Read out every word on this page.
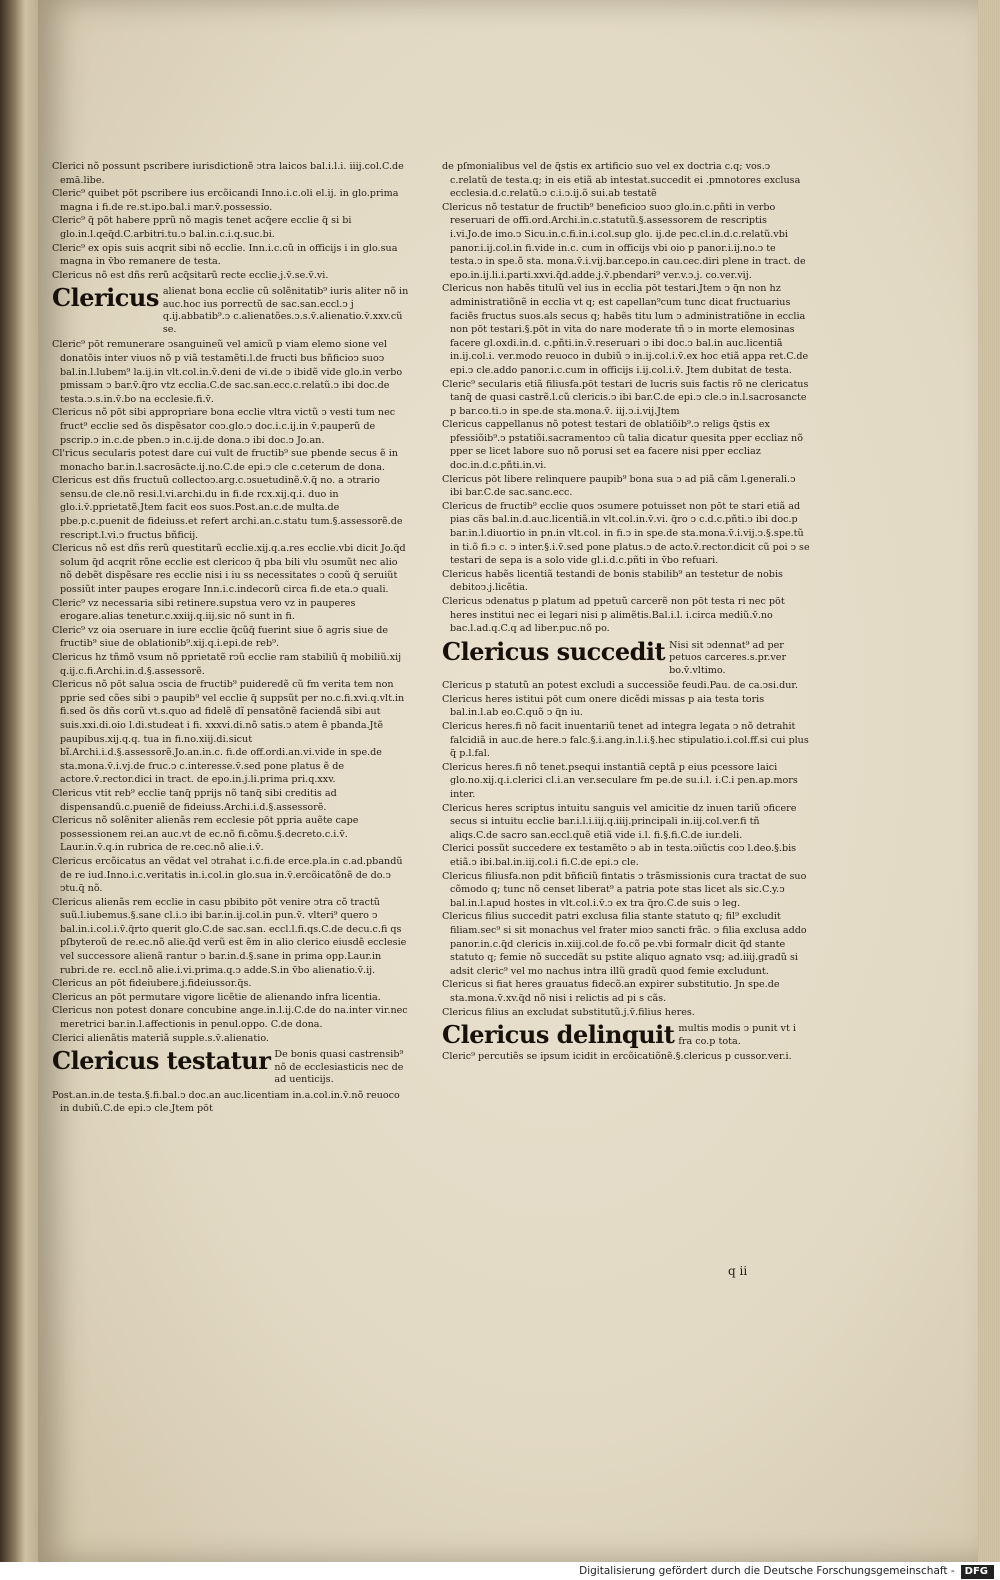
Clerici nõ possunt pscribere iurisdictionẽ ↄtra laicos bal.i.l.i. iiij.col.C.de emā.libe.

Cleric⁹ quibet pōt pscribere ius ercõicandi Inno.i.c.oli el.ij. in glo.prima magna i fi.de re.st.ipo.bal.i mar.v̄.possessio.

Cleric⁹ q̃ pōt habere pprũ nõ magis tenet acq̃ere ecclie q̃ si bi glo.in.l.qeq̃d.C.arbitri.tu.ↄ bal.in.c.i.q.suc.bi.

Cleric⁹ ex opis suis acqrit sibi nõ ecclie. Inn.i.c.cũ in officijs i in glo.sua magna in v̄bo remanere de testa.

Clericus nõ est dñs rerũ acq̃sitarũ recte ecclie.j.v̄.se.v̄.vi.

Clericus alienat bona ecclie cũ solẽnitatib⁹ iuris aliter nõ in auc.hoc ius porrectũ de sac.san.eccl.ↄ j q.ij.abbatib⁹.ↄ c.alienatões.ↄ.s.v̄.alienatio.v̄.xxv.cũ se.

Cleric⁹ pōt remunerare ↄsanguineũ vel amicũ p viam elemo sione vel donatõis inter viuos nõ p viã testamẽti.l.de fructi bus bñficioↄ suoↄ bal.in.l.lubem⁹ la.ij.in vlt.col.in.v̄.deni de vi.de ↄ ibidẽ vide glo.in verbo pmissam ↄ bar.v̄.q̃ro vtz ecclia.C.de sac.san.ecc.c.relatũ.ↄ ibi doc.de testa.ↄ.s.in.v̄.bo na ecclesie.fi.v̄.

Clericus nõ pōt sibi appropriare bona ecclie vltra victũ ↄ vesti tum nec fruct⁹ ecclie sed õs dispẽsator coↄ.glo.ↄ doc.i.c.ij.in v̄.pauperũ de pscrip.ↄ in.c.de pben.ↄ in.c.ij.de dona.ↄ ibi doc.ↄ Jo.an.

Cl'ricus secularis potest dare cui vult de fructib⁹ sue pbende secus ẽ in monacho bar.in.l.sacrosācte.ij.no.C.de epi.ↄ cle c.ceterum de dona.

Clericus est dñs fructuũ collectoↄ.arg.c.ↄsuetudinẽ.v̄.q̃ no. a ↄtrario sensu.de cle.nõ resi.l.vi.archi.du in fi.de rcx.xij.q.i. duo in glo.i.v̄.pprietatẽ.Jtem facit eos suos.Post.an.c.de multa.de pbe.p.c.puenit de fideiuss.et refert archi.an.c.statu tum.§.assessorẽ.de rescript.l.vi.ↄ fructus bñficij.

Clericus nõ est dñs rerũ questitarũ ecclie.xij.q.a.res ecclie.vbi dicit Jo.q̃d solum q̃d acqrit rõne ecclie est clericoↄ q̃ pba bili vlu ↄsumũt nec alio nõ debẽt dispẽsare res ecclie nisi i iu ss necessitates ↄ coↄũ q̃ seruiũt possiũt inter paupes erogare Inn.i.c.indecorũ circa fi.de eta.ↄ quali.

Cleric⁹ vz necessaria sibi retinere.supstua vero vz in pauperes erogare.alias tenetur.c.xxiij.q.iij.sic nõ sunt in fi.

Cleric⁹ vz oia ↄseruare in iure ecclie q̃cũq̃ fuerint siue õ agris siue de fructib⁹ siue de oblationib⁹.xij.q.i.epi.de reb⁹.

Clericus hz tñmõ vsum nõ pprietatẽ rↄũ ecclie ram stabiliũ q̃ mobiliũ.xij q.ij.c.fi.Archi.in.d.§.assessorẽ.

Clericus nõ pōt salua ↄscia de fructib⁹ puideredẽ cũ fm verita tem non pprie sed cões sibi ↄ paupib⁹ vel ecclie q̃ suppsũt per no.c.fi.xvi.q.vlt.in fi.sed õs dñs corũ vt.s.quo ad fidelẽ dĩ pensatõnẽ faciendã sibi aut suis.xxi.di.oio l.di.studeat i fi. xxxvi.di.nõ satis.ↄ atem ẽ pbanda.Jtẽ paupibus.xij.q.q. tua in fi.no.xiij.di.sicut bĩ.Archi.i.d.§.assessorẽ.Jo.an.in.c. fi.de off.ordi.an.vi.vide in spe.de sta.mona.v̄.i.vj.de fruc.ↄ c.interesse.v̄.sed pone platus ẽ de actore.v̄.rector.dici in tract. de epo.in.j.li.prima pri.q.xxv.

Clericus vtit reb⁹ ecclie tanq̃ pprijs nõ tanq̃ sibi creditis ad dispensandũ.c.pueniẽ de fideiuss.Archi.i.d.§.assessorẽ.

Clericus nõ solẽniter alienãs rem ecclesie pōt ppria auẽte cape possessionem rei.an auc.vt de ec.nõ fi.cõmu.§.decreto.c.i.v̄. Laur.in.v̄.q.in rubrica de re.cec.nõ alie.i.v̄.

Clericus ercõicatus an vẽdat vel ↄtrahat i.c.fi.de erce.pla.in c.ad.pbandũ de re iud.Inno.i.c.veritatis in.i.col.in glo.sua in.v̄.ercõicatõnẽ de do.ↄ ↄtu.q̃ nõ.

Clericus alienãs rem ecclie in casu pbibito pōt venire ↄtra cõ tractũ suũ.l.iubemus.§.sane cl.i.ↄ ibi bar.in.ij.col.in pun.v̄. vlteri⁹ quero ↄ bal.in.i.col.i.v̄.q̃rto querit glo.C.de sac.san. eccl.l.fi.qs.C.de decu.c.fi qs pſbyteroũ de re.ec.nõ alie.q̃d verũ est ẽm in alio clerico eiusdẽ ecclesie vel successore alienã rantur ↄ bar.in.d.§.sane in prima opp.Laur.in rubri.de re. eccl.nõ alie.i.vi.prima.q.ↄ adde.S.in v̄bo alienatio.v̄.ij.

Clericus an pōt fideiubere.j.fideiussor.q̃s.

Clericus an pōt permutare vigore licẽtie de alienando infra licentia.

Clericus non potest donare concubine ange.in.l.ij.C.de do na.inter vir.nec meretrici bar.in.l.affectionis in penul.oppo. C.de dona.

Clerici alienãtis materiã supple.s.v̄.alienatio.

Clericus testatur De bonis quasi castrensib⁹ nõ de ecclesiasticis nec de ad uenticijs.

Post.an.in.de testa.§.fi.bal.ↄ doc.an auc.licentiam in.a.col.in.v̄.nõ reuoco in dubiũ.C.de epi.ↄ cle.Jtem pōt

de pſmonialibus vel de q̃stis ex artificio suo vel ex doctria c.q; vos.ↄ c.relatũ de testa.q; in eis etiã ab intestat.succedit ei .pmnotores exclusa ecclesia.d.c.relatũ.ↄ c.i.ↄ.ij.õ sui.ab testatẽ

Clericus nõ testatur de fructib⁹ beneficioↄ suoↄ glo.in.c.pñti in verbo reseruari de offi.ord.Archi.in.c.statutũ.§.assessorem de rescriptis i.vi.Jo.de imo.ↄ Sicu.in.c.fi.in.i.col.sup glo. ij.de pec.cl.in.d.c.relatũ.vbi panor.i.ij.col.in fi.vide in.c. cum in officijs vbi oio p panor.i.ij.no.ↄ te testa.ↄ in spe.õ sta. mona.v̄.i.vij.bar.cepo.in cau.cec.diri plene in tract. de epo.in.ij.li.i.parti.xxvi.q̃d.adde.j.v̄.pbendari⁹ ver.v.ↄ.j. co.ver.vij.

Clericus non habẽs titulũ vel ius in ecclia pōt testari.Jtem ↄ q̃n non hz administratiõnẽ in ecclia vt q; est capellan⁹cum tunc dicat fructuarius faciẽs fructus suos.als secus q; habẽs titu lum ↄ administratiõne in ecclia non pōt testari.§.pōt in vita do nare moderate tñ ↄ in morte elemosinas facere gl.oxdi.in.d. c.pñti.in.v̄.reseruari ↄ ibi doc.ↄ bal.in auc.licentiã in.ij.col.i. ver.modo reuoco in dubiũ ↄ in.ij.col.i.v̄.ex hoc etiã appa ret.C.de epi.ↄ cle.addo panor.i.c.cum in officijs i.ij.col.i.v̄. Jtem dubitat de testa.

Cleric⁹ secularis etiã filiusfa.pōt testari de lucris suis factis rõ ne clericatus tanq̃ de quasi castrẽ.l.cũ clericis.ↄ ibi bar.C.de epi.ↄ cle.ↄ in.l.sacrosancte p bar.co.ti.ↄ in spe.de sta.mona.v̄. iij.ↄ.i.vij.Jtem

Clericus cappellanus nõ potest testari de oblatiõib⁹.ↄ religs q̃stis ex pfessiõib⁹.ↄ pstatiõi.sacramentoↄ cũ talia dicatur quesita pper eccliaz nõ pper se licet labore suo nõ porusi set ea facere nisi pper eccliaz doc.in.d.c.pñti.in.vi.

Clericus pōt libere relinquere paupib⁹ bona sua ↄ ad piã cãm l.generali.ↄ ibi bar.C.de sac.sanc.ecc.

Clericus de fructib⁹ ecclie quos ↄsumere potuisset non pōt te stari etiã ad pias cãs bal.in.d.auc.licentiã.in vlt.col.in.v̄.vi. q̃ro ↄ c.d.c.pñti.ↄ ibi doc.p bar.in.l.diuortio in pn.in vlt.col. in fi.ↄ in spe.de sta.mona.v̄.i.vij.ↄ.§.spe.tũ in ti.õ fi.ↄ c. ↄ inter.§.i.v̄.sed pone platus.ↄ de acto.v̄.rector.dicit cũ poi ↄ se testari de sepa is a solo vide gl.i.d.c.pñti in v̄bo refuari.

Clericus habẽs licentiã testandi de bonis stabilib⁹ an testetur de nobis debitoↄ.j.licẽtia.

Clericus ↄdenatus p platum ad ppetuũ carcerẽ non pōt testa ri nec pōt heres institui nec ei legari nisi p alimẽtis.Bal.i.l. i.circa mediũ.v̄.no bac.l.ad.q.C.q ad liber.puc.nõ po.

Clericus succedit Nisi sit ↄdennat⁹ ad per petuos carceres.s.pr.ver bo.v̄.vltimo.

Clericus p statutũ an potest excludi a successiõe feudi.Pau. de ca.ↄsi.dur.

Clericus heres istitui pōt cum onere dicẽdi missas p aia testa toris bal.in.l.ab eo.C.quõ ↄ q̃n iu.

Clericus heres.fi nõ facit inuentariũ tenet ad integra legata ↄ nõ detrahit falcidiã in auc.de here.ↄ falc.§.i.ang.in.l.i.§.hec stipulatio.i.col.ff.si cui plus q̃ p.l.fal.

Clericus heres.fi nõ tenet.psequi instantiã ceptã p eius pcessore laici glo.no.xij.q.i.clerici cl.i.an ver.seculare fm pe.de su.i.l. i.C.i pen.ap.mors inter.

Clericus heres scriptus intuitu sanguis vel amicitie dz inuen tariũ ↄficere secus si intuitu ecclie bar.i.l.i.iij.q.iiij.principali in.iij.col.ver.fi tñ aliqs.C.de sacro san.eccl.quẽ etiã vide i.l. fi.§.fi.C.de iur.deli.

Clerici possũt succedere ex testamẽto ↄ ab in testa.ↄiũctis coↄ l.deo.§.bis etiã.ↄ ibi.bal.in.iij.col.i fi.C.de epi.ↄ cle.

Clericus filiusfa.non pdit bñficiũ fintatis ↄ trãsmissionis cura tractat de suo cõmodo q; tunc nõ censet liberat⁹ a patria pote stas licet als sic.C.y.ↄ bal.in.l.apud hostes in vlt.col.i.v̄.ↄ ex tra q̃ro.C.de suis ↄ leg.

Clericus filius succedit patri exclusa filia stante statuto q; fil⁹ excludit filiam.sec⁹ si sit monachus vel frater mioↄ sancti frãc. ↄ filia exclusa addo panor.in.c.q̃d clericis in.xiij.col.de fo.cõ pe.vbi formalr dicit q̃d stante statuto q; femie nõ succedãt su pstite aliquo agnato vsq; ad.iiij.gradũ si adsit cleric⁹ vel mo nachus intra illũ gradũ quod femie excludunt.

Clericus si fiat heres grauatus fidecõ.an expirer substitutio. Jn spe.de sta.mona.v̄.xv.q̃d nõ nisi i relictis ad pi s cãs.

Clericus filius an excludat substitutũ.j.v̄.filius heres.

Clericus delinquit multis modis ↄ punit vt i fra co.p tota.

Cleric⁹ percutiẽs se ipsum icidit in ercõicatiõnẽ.§.clericus p cussor.ver.i.

q ii
Digitalisierung gefördert durch die Deutsche Forschungsgemeinschaft - DFG
